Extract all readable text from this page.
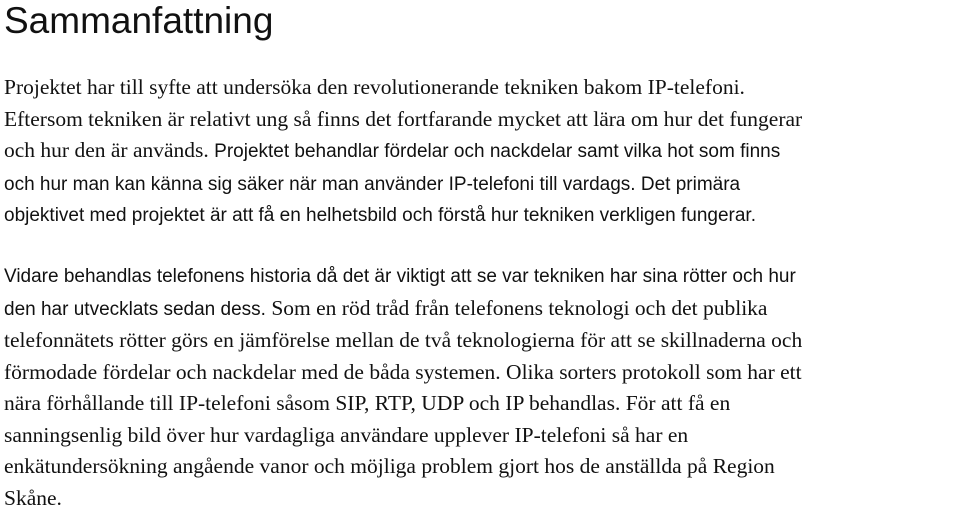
Sammanfattning
Projektet har till syfte att undersöka den revolutionerande tekniken bakom IP-telefoni.
Eftersom tekniken är relativt ung så finns det fortfarande mycket att lära om hur det fungerar
och hur den är används. Projektet behandlar fördelar och nackdelar samt vilka hot som finns
och hur man kan känna sig säker när man använder IP-telefoni till vardags. Det primära
objektivet med projektet är att få en helhetsbild och förstå hur tekniken verkligen fungerar.
Vidare behandlas telefonens historia då det är viktigt att se var tekniken har sina rötter och hur
den har utvecklats sedan dess. Som en röd tråd från telefonens teknologi och det publika
telefonnätets rötter görs en jämförelse mellan de två teknologierna för att se skillnaderna och
förmodade fördelar och nackdelar med de båda systemen. Olika sorters protokoll som har ett
nära förhållande till IP-telefoni såsom SIP, RTP, UDP och IP behandlas. För att få en
sanningsenlig bild över hur vardagliga användare upplever IP-telefoni så har en
enkätundersökning angående vanor och möjliga problem gjort hos de anställda på Region
Skåne.
